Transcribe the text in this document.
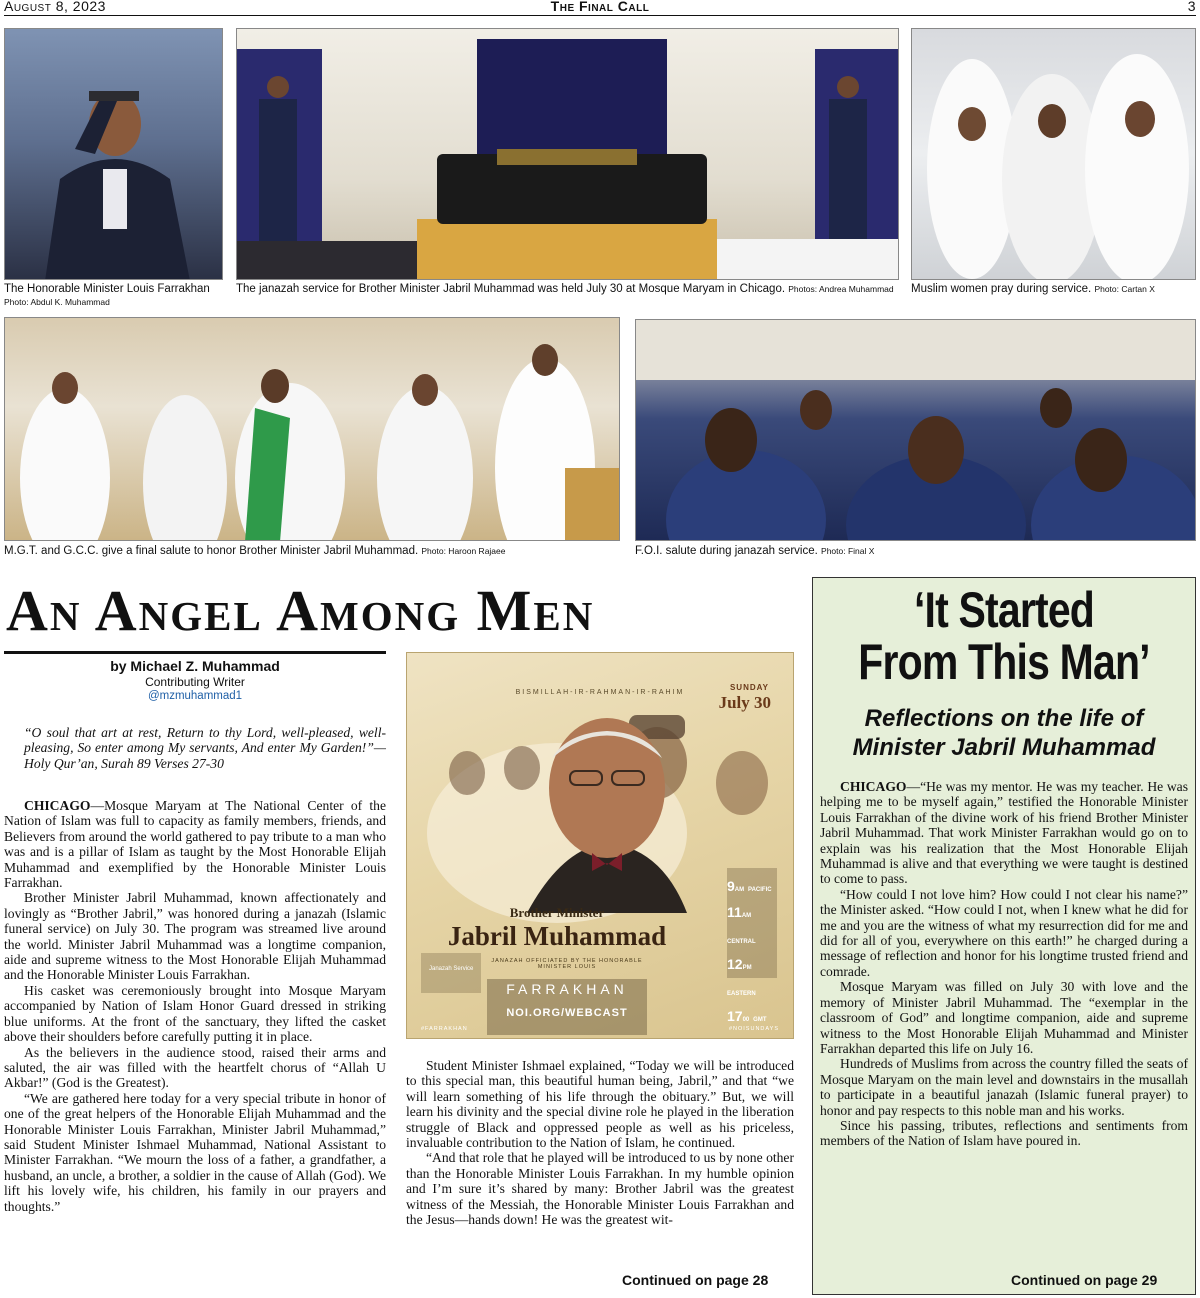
August 8, 2023	The Final Call	3
The Honorable Minister Louis Farrakhan
Photo: Abdul K. Muhammad
The janazah service for Brother Minister Jabril Muhammad was held July 30 at Mosque Maryam in Chicago. Photos: Andrea Muhammad	Muslim women pray during service. Photo: Cartan X
M.G.T. and G.C.C. give a final salute to honor Brother Minister Jabril Muhammad. Photo: Haroon Rajaee	F.O.I. salute during janazah service. Photo: Final X
An Angel Among Men
by Michael Z. Muhammad
Contributing Writer
@mzmuhammad1
“O soul that art at rest, Return to thy Lord, well-pleased, well-pleasing, So enter among My servants, And enter My Garden!”—Holy Qur’an, Surah 89 Verses 27-30

CHICAGO—Mosque Maryam at The National Center of the Nation of Islam was full to capacity as family members, friends, and Believers from around the world gathered to pay tribute to a man who was and is a pillar of Islam as taught by the Most Honorable Elijah Muhammad and exemplified by the Honorable Minister Louis Farrakhan.

Brother Minister Jabril Muhammad, known affectionately and lovingly as “Brother Jabril,” was honored during a janazah (Islamic funeral service) on July 30. The program was streamed live around the world. Minister Jabril Muhammad was a longtime companion, aide and supreme witness to the Most Honorable Elijah Muhammad and the Honorable Minister Louis Farrakhan.

His casket was ceremoniously brought into Mosque Maryam accompanied by Nation of Islam Honor Guard dressed in striking blue uniforms. At the front of the sanctuary, they lifted the casket above their shoulders before carefully putting it in place.

As the believers in the audience stood, raised their arms and saluted, the air was filled with the heartfelt chorus of “Allah U Akbar!” (God is the Greatest).

“We are gathered here today for a very special tribute in honor of one of the great helpers of the Honorable Elijah Muhammad and the Honorable Minister Louis Farrakhan, Minister Jabril Muhammad,” said Student Minister Ishmael Muhammad, National Assistant to Minister Farrakhan. “We mourn the loss of a father, a grandfather, a husband, an uncle, a brother, a soldier in the cause of Allah (God). We lift his lovely wife, his children, his family in our prayers and thoughts.”

BISMILLAH-IR-RAHMAN-IR-RAHIM
SUNDAY
July 30
Brother Minister
Jabril Muhammad
JANAZAH OFFICIATED BY THE HONORABLE MINISTER LOUIS
FARRAKHAN
NOI.ORG/WEBCAST
Janazah Service
9AM PACIFIC
11AM CENTRAL
12PM EASTERN
1700 GMT
#FARRAKHAN	#NOISUNDAYS

Student Minister Ishmael explained, “Today we will be introduced to this special man, this beautiful human being, Jabril,” and that “we will learn something of his life through the obituary.” But, we will learn his divinity and the special divine role he played in the liberation struggle of Black and oppressed people as well as his priceless, invaluable contribution to the Nation of Islam, he continued.

“And that role that he played will be introduced to us by none other than the Honorable Minister Louis Farrakhan. In my humble opinion and I’m sure it’s shared by many: Brother Jabril was the greatest witness of the Messiah, the Honorable Minister Louis Farrakhan and the Jesus—hands down! He was the greatest wit-

Continued on page 28
‘It Started
From This Man’
Reflections on the life of
Minister Jabril Muhammad

CHICAGO—“He was my mentor. He was my teacher. He was helping me to be myself again,” testified the Honorable Minister Louis Farrakhan of the divine work of his friend Brother Minister Jabril Muhammad. That work Minister Farrakhan would go on to explain was his realization that the Most Honorable Elijah Muhammad is alive and that everything we were taught is destined to come to pass.

“How could I not love him? How could I not clear his name?” the Minister asked. “How could I not, when I knew what he did for me and you are the witness of what my resurrection did for me and did for all of you, everywhere on this earth!” he charged during a message of reflection and honor for his longtime trusted friend and comrade.

Mosque Maryam was filled on July 30 with love and the memory of Minister Jabril Muhammad. The “exemplar in the classroom of God” and longtime companion, aide and supreme witness to the Most Honorable Elijah Muhammad and Minister Farrakhan departed this life on July 16.

Hundreds of Muslims from across the country filled the seats of Mosque Maryam on the main level and downstairs in the musallah to participate in a beautiful janazah (Islamic funeral prayer) to honor and pay respects to this noble man and his works.

Since his passing, tributes, reflections and sentiments from members of the Nation of Islam have poured in.

Continued on page 29
